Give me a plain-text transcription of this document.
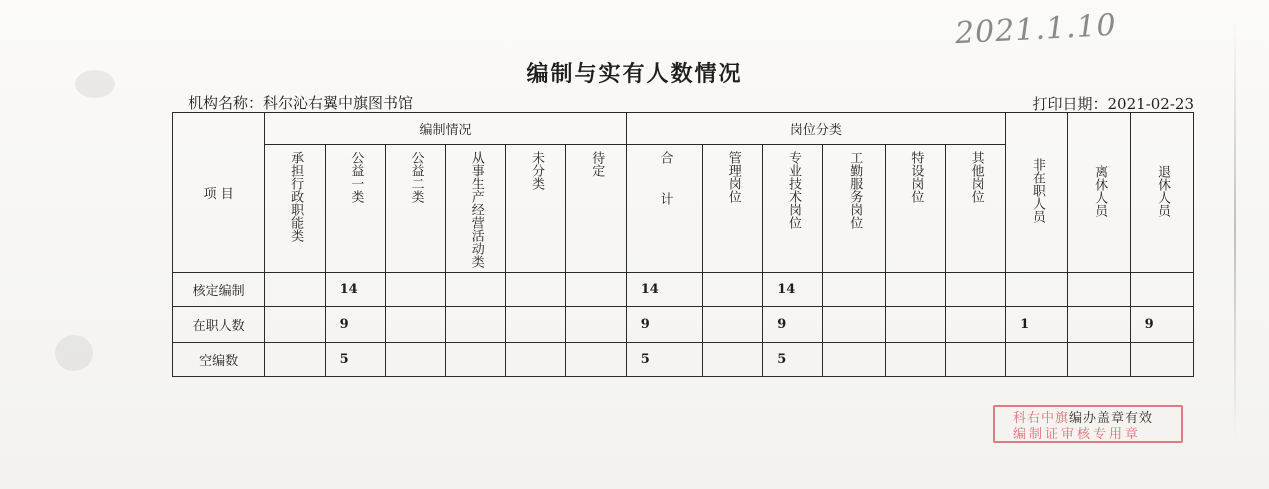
2021.1.10
编制与实有人数情况
机构名称：科尔沁右翼中旗图书馆	打印日期：2021-02-23
项 目	编制情况						岗位分类						非在职人员	离休人员	退休人员
	承担行政职能类	公益一类	公益二类	从事生产经营活动类	未分类	待定	合计	管理岗位	专业技术岗位	工勤服务岗位	特设岗位	其他岗位			
核定编制		14					14		14						
在职人数		9					9		9				1		9
空编数		5					5		5						
科右中旗编办盖章有效
编制证审核专用章
